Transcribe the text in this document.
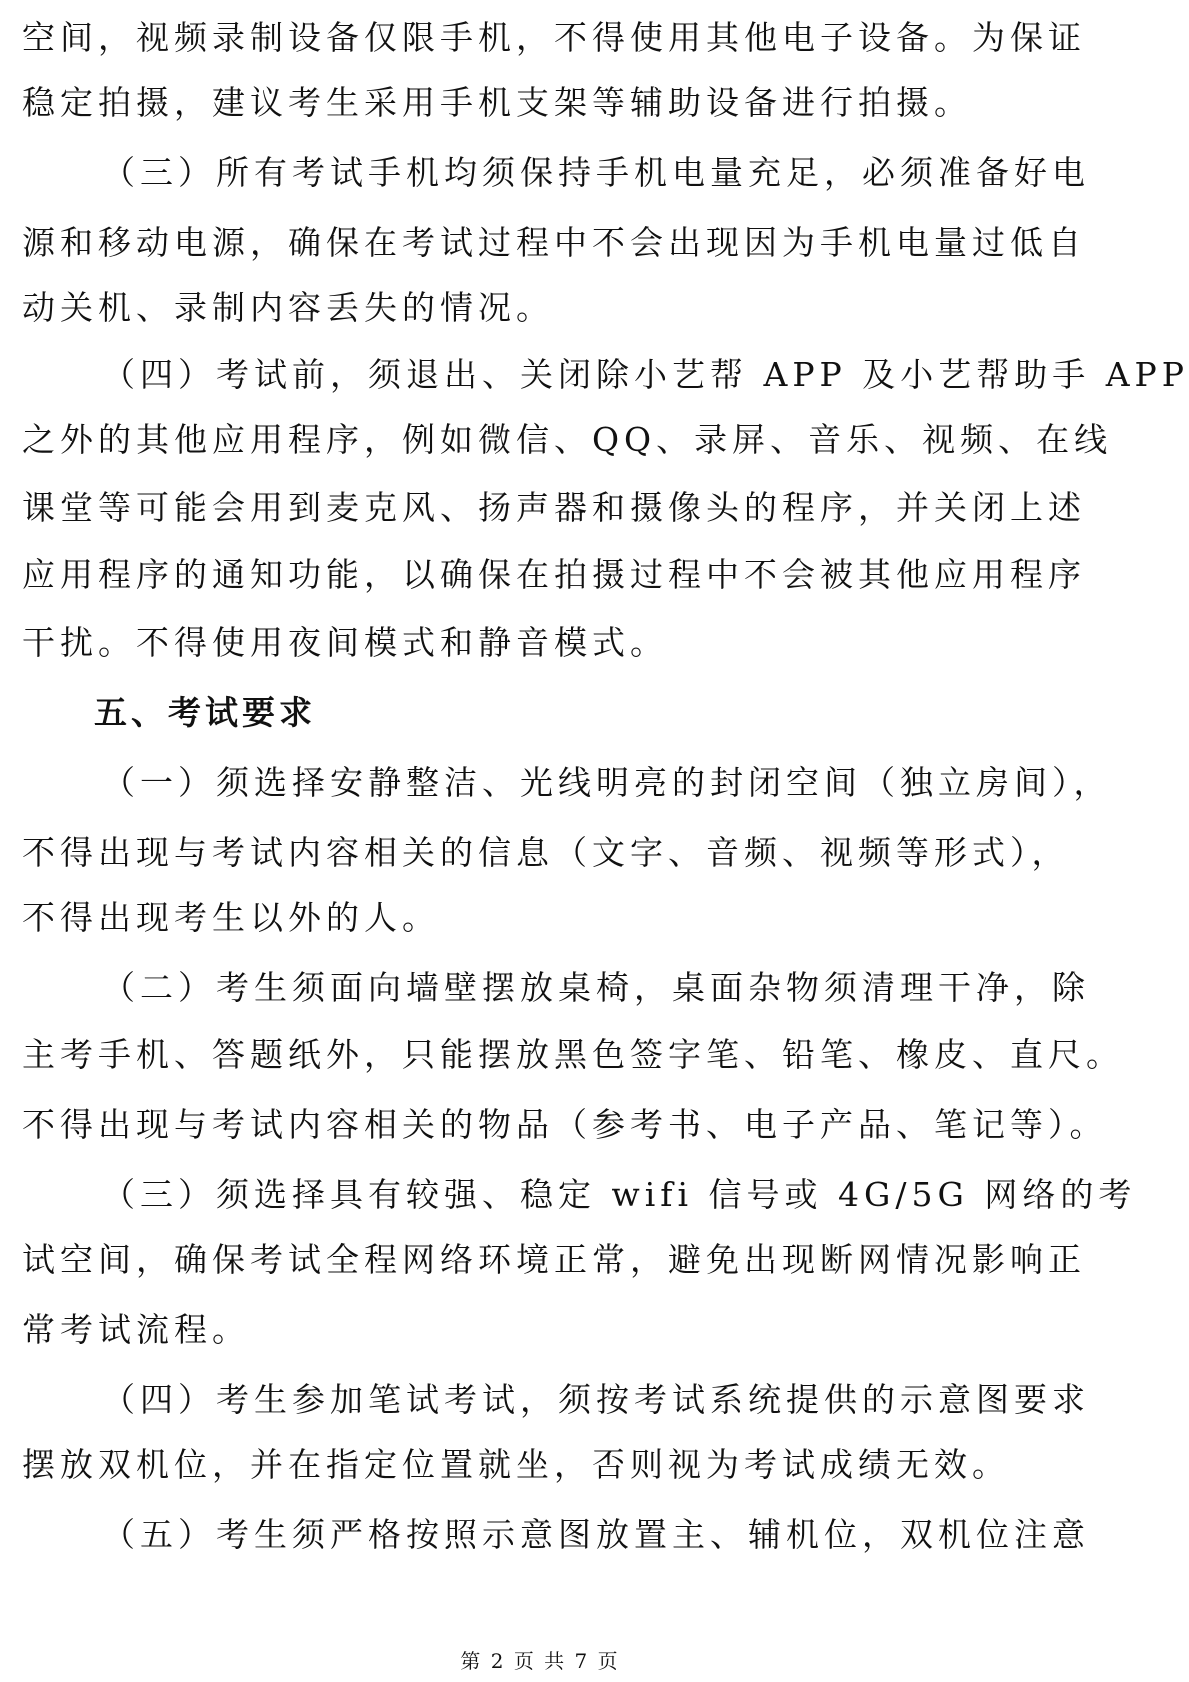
空间，视频录制设备仅限手机，不得使用其他电子设备。为保证
稳定拍摄，建议考生采用手机支架等辅助设备进行拍摄。
（三）所有考试手机均须保持手机电量充足，必须准备好电
源和移动电源，确保在考试过程中不会出现因为手机电量过低自
动关机、录制内容丢失的情况。
（四）考试前，须退出、关闭除小艺帮 APP 及小艺帮助手 APP
之外的其他应用程序，例如微信、QQ、录屏、音乐、视频、在线
课堂等可能会用到麦克风、扬声器和摄像头的程序，并关闭上述
应用程序的通知功能，以确保在拍摄过程中不会被其他应用程序
干扰。不得使用夜间模式和静音模式。
五、考试要求
（一）须选择安静整洁、光线明亮的封闭空间（独立房间），
不得出现与考试内容相关的信息（文字、音频、视频等形式），
不得出现考生以外的人。
（二）考生须面向墙壁摆放桌椅，桌面杂物须清理干净，除
主考手机、答题纸外，只能摆放黑色签字笔、铅笔、橡皮、直尺。
不得出现与考试内容相关的物品（参考书、电子产品、笔记等）。
（三）须选择具有较强、稳定 wifi 信号或 4G/5G 网络的考
试空间，确保考试全程网络环境正常，避免出现断网情况影响正
常考试流程。
（四）考生参加笔试考试，须按考试系统提供的示意图要求
摆放双机位，并在指定位置就坐，否则视为考试成绩无效。
（五）考生须严格按照示意图放置主、辅机位，双机位注意
第 2 页 共 7 页
